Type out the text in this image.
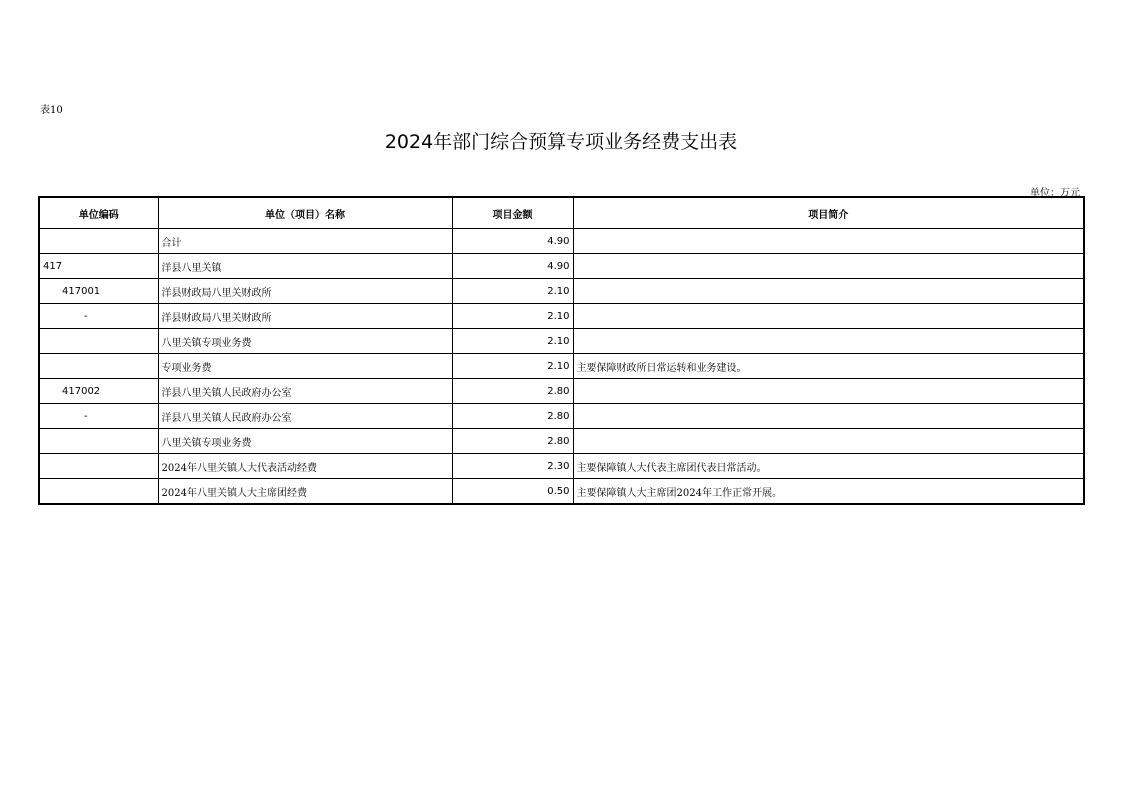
表10
2024年部门综合预算专项业务经费支出表
单位：万元
单位编码	单位（项目）名称	项目金额	项目简介
	合计	4.90	
417	洋县八里关镇	4.90	
417001	洋县财政局八里关财政所	2.10	
-	洋县财政局八里关财政所	2.10	
	八里关镇专项业务费	2.10	
	专项业务费	2.10	主要保障财政所日常运转和业务建设。
417002	洋县八里关镇人民政府办公室	2.80	
-	洋县八里关镇人民政府办公室	2.80	
	八里关镇专项业务费	2.80	
	2024年八里关镇人大代表活动经费	2.30	主要保障镇人大代表主席团代表日常活动。
	2024年八里关镇人大主席团经费	0.50	主要保障镇人大主席团2024年工作正常开展。
